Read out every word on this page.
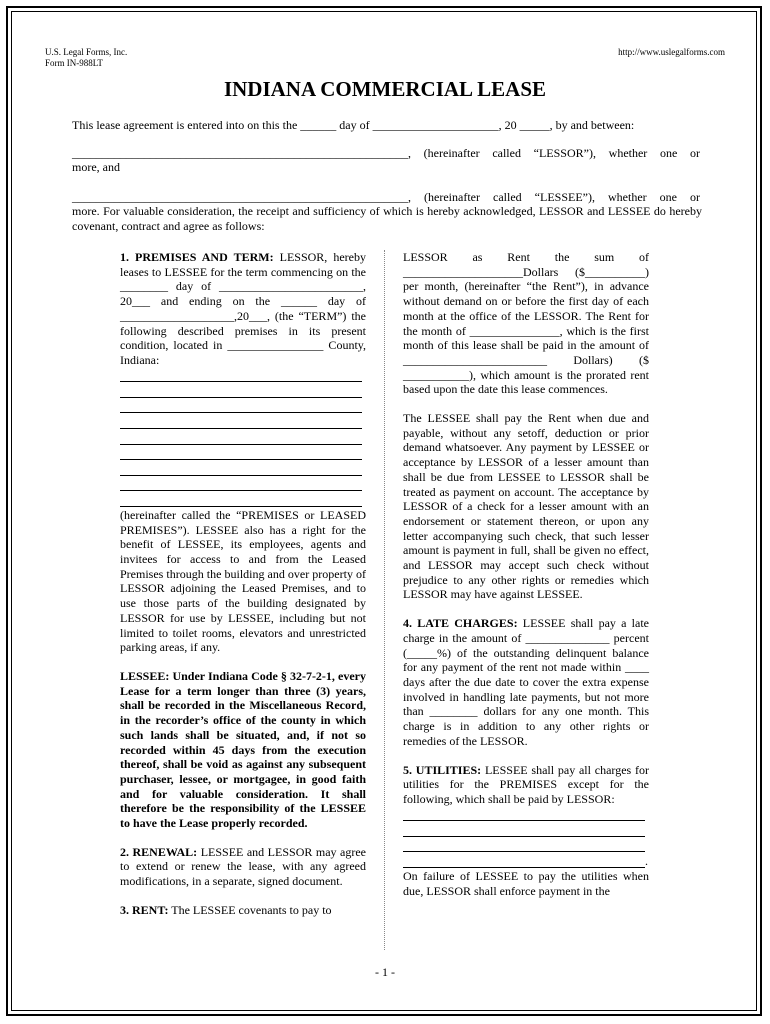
U.S. Legal Forms, Inc.
Form IN-988LT
http://www.uslegalforms.com
INDIANA COMMERCIAL LEASE

This lease agreement is entered into on this the ______ day of _____________________, 20 _____, by and between:

________________________________________________________, (hereinafter called “LESSOR”), whether one or

more, and

________________________________________________________, (hereinafter called “LESSEE”), whether one or

more. For valuable consideration, the receipt and sufficiency of which is hereby acknowledged, LESSOR and LESSEE do hereby covenant, contract and agree as follows:

1. PREMISES AND TERM: LESSOR, hereby leases to LESSEE for the term commencing on the ________ day of ________________________, 20___ and ending on the ______ day of ___________________,20___, (the “TERM”) the following described premises in its present condition, located in ________________ County, Indiana:

(hereinafter called the “PREMISES or LEASED PREMISES”). LESSEE also has a right for the benefit of LESSEE, its employees, agents and invitees for access to and from the Leased Premises through the building and over property of LESSOR adjoining the Leased Premises, and to use those parts of the building designated by LESSOR for use by LESSEE, including but not limited to toilet rooms, elevators and unrestricted parking areas, if any.

LESSEE: Under Indiana Code § 32-7-2-1, every Lease for a term longer than three (3) years, shall be recorded in the Miscellaneous Record, in the recorder’s office of the county in which such lands shall be situated, and, if not so recorded within 45 days from the execution thereof, shall be void as against any subsequent purchaser, lessee, or mortgagee, in good faith and for valuable consideration. It shall therefore be the responsibility of the LESSEE to have the Lease properly recorded.

2. RENEWAL: LESSEE and LESSOR may agree to extend or renew the lease, with any agreed modifications, in a separate, signed document.

3. RENT: The LESSEE covenants to pay to

LESSOR as Rent the sum of ____________________Dollars ($__________) per month, (hereinafter “the Rent”), in advance without demand on or before the first day of each month at the office of the LESSOR. The Rent for the month of _______________, which is the first month of this lease shall be paid in the amount of ________________________ Dollars) ($ ___________), which amount is the prorated rent based upon the date this lease commences.

The LESSEE shall pay the Rent when due and payable, without any setoff, deduction or prior demand whatsoever. Any payment by LESSEE or acceptance by LESSOR of a lesser amount than shall be due from LESSEE to LESSOR shall be treated as payment on account. The acceptance by LESSOR of a check for a lesser amount with an endorsement or statement thereon, or upon any letter accompanying such check, that such lesser amount is payment in full, shall be given no effect, and LESSOR may accept such check without prejudice to any other rights or remedies which LESSOR may have against LESSEE.

4. LATE CHARGES: LESSEE shall pay a late charge in the amount of ______________ percent (_____%) of the outstanding delinquent balance for any payment of the rent not made within ____ days after the due date to cover the extra expense involved in handling late payments, but not more than ________ dollars for any one month. This charge is in addition to any other rights or remedies of the LESSOR.

5. UTILITIES: LESSEE shall pay all charges for utilities for the PREMISES except for the following, which shall be paid by LESSOR:

.

On failure of LESSEE to pay the utilities when due, LESSOR shall enforce payment in the

- 1 -
